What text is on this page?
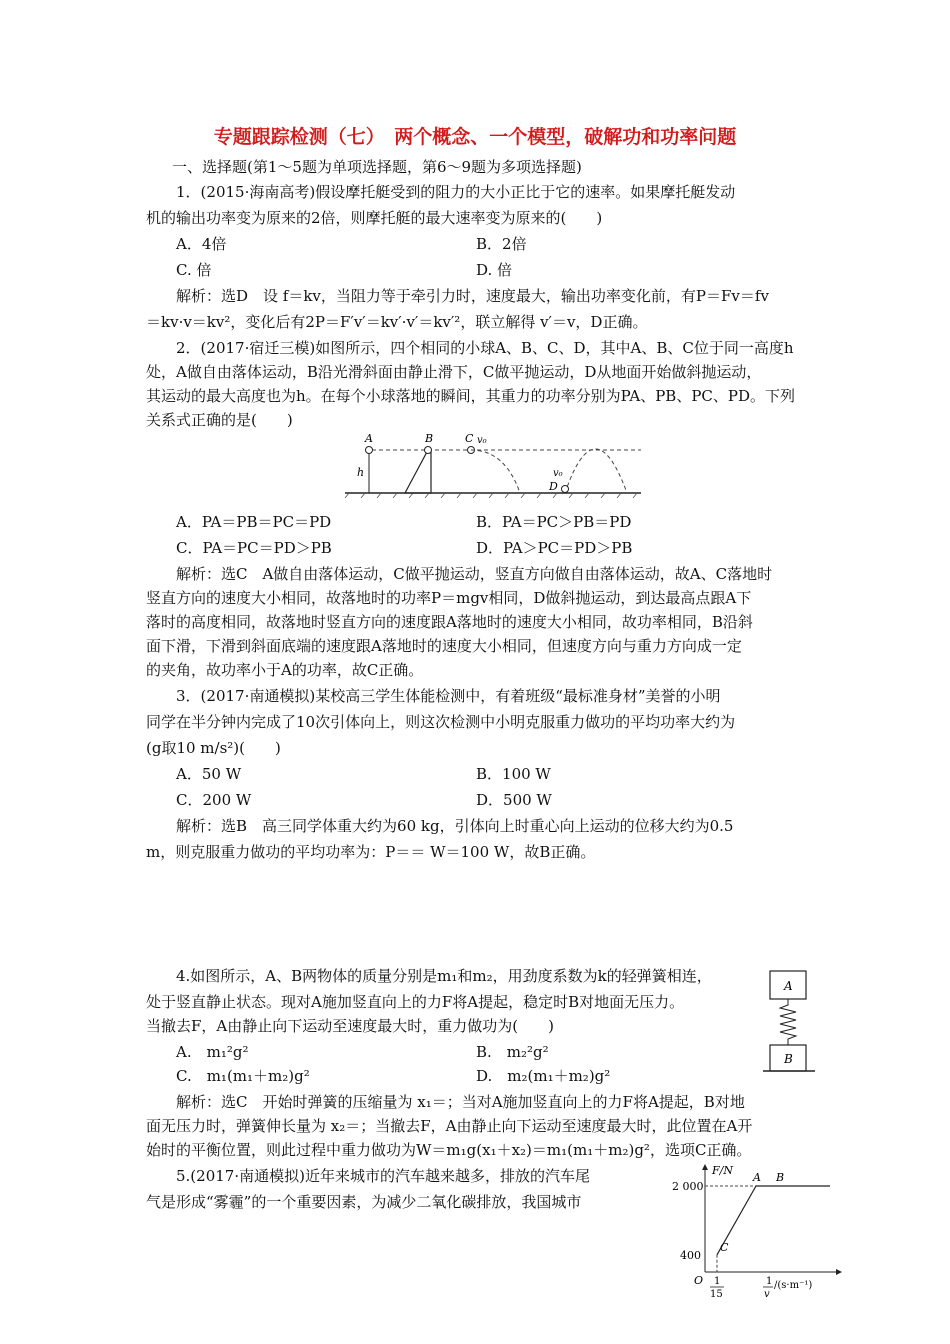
专题跟踪检测（七）　两个概念、一个模型，破解功和功率问题
一、选择题(第1～5题为单项选择题，第6～9题为多项选择题)
1．(2015·海南高考)假设摩托艇受到的阻力的大小正比于它的速率。如果摩托艇发动
机的输出功率变为原来的2倍，则摩托艇的最大速率变为原来的(　　)
A．4倍	B．2倍
C. 倍	D. 倍
解析：选D　设 f＝kv，当阻力等于牵引力时，速度最大，输出功率变化前，有P＝Fv＝fv
＝kv·v＝kv²，变化后有2P＝F′v′＝kv′·v′＝kv′²，联立解得 v′＝v，D正确。
2．(2017·宿迁三模)如图所示，四个相同的小球A、B、C、D，其中A、B、C位于同一高度h
处，A做自由落体运动，B沿光滑斜面由静止滑下，C做平抛运动，D从地面开始做斜抛运动，
其运动的最大高度也为h。在每个小球落地的瞬间，其重力的功率分别为PA、PB、PC、PD。下列
关系式正确的是(　　)
A
h
B	C v₀
D
v₀
A．PA＝PB＝PC＝PD	B．PA＝PC＞PB＝PD
C．PA＝PC＝PD＞PB	D．PA＞PC＝PD＞PB
解析：选C　A做自由落体运动，C做平抛运动，竖直方向做自由落体运动，故A、C落地时
竖直方向的速度大小相同，故落地时的功率P＝mgv相同，D做斜抛运动，到达最高点跟A下
落时的高度相同，故落地时竖直方向的速度跟A落地时的速度大小相同，故功率相同，B沿斜
面下滑，下滑到斜面底端的速度跟A落地时的速度大小相同，但速度方向与重力方向成一定
的夹角，故功率小于A的功率，故C正确。
3．(2017·南通模拟)某校高三学生体能检测中，有着班级“最标准身材”美誉的小明
同学在半分钟内完成了10次引体向上，则这次检测中小明克服重力做功的平均功率大约为
(g取10 m/s²)(　　)
A．50 W	B．100 W
C．200 W	D．500 W
解析：选B　高三同学体重大约为60 kg，引体向上时重心向上运动的位移大约为0.5
m，则克服重力做功的平均功率为：P＝＝ W＝100 W，故B正确。
4.如图所示，A、B两物体的质量分别是m₁和m₂，用劲度系数为k的轻弹簧相连，
处于竖直静止状态。现对A施加竖直向上的力F将A提起，稳定时B对地面无压力。
当撤去F，A由静止向下运动至速度最大时，重力做功为(　　)
A.　m₁²g²	B.　m₂²g²
C.　m₁(m₁＋m₂)g²	D.　m₂(m₁＋m₂)g²
解析：选C　开始时弹簧的压缩量为 x₁＝；当对A施加竖直向上的力F将A提起，B对地
面无压力时，弹簧伸长量为 x₂＝；当撤去F，A由静止向下运动至速度最大时，此位置在A开
始时的平衡位置，则此过程中重力做功为W＝m₁g(x₁＋x₂)＝m₁(m₁＋m₂)g²，选项C正确。
A
B
5.(2017·南通模拟)近年来城市的汽车越来越多，排放的汽车尾
气是形成“雾霾”的一个重要因素，为减少二氧化碳排放，我国城市
F/N
O
2 000
400
C
A B
1
15
1
v
/(s·m⁻¹)
